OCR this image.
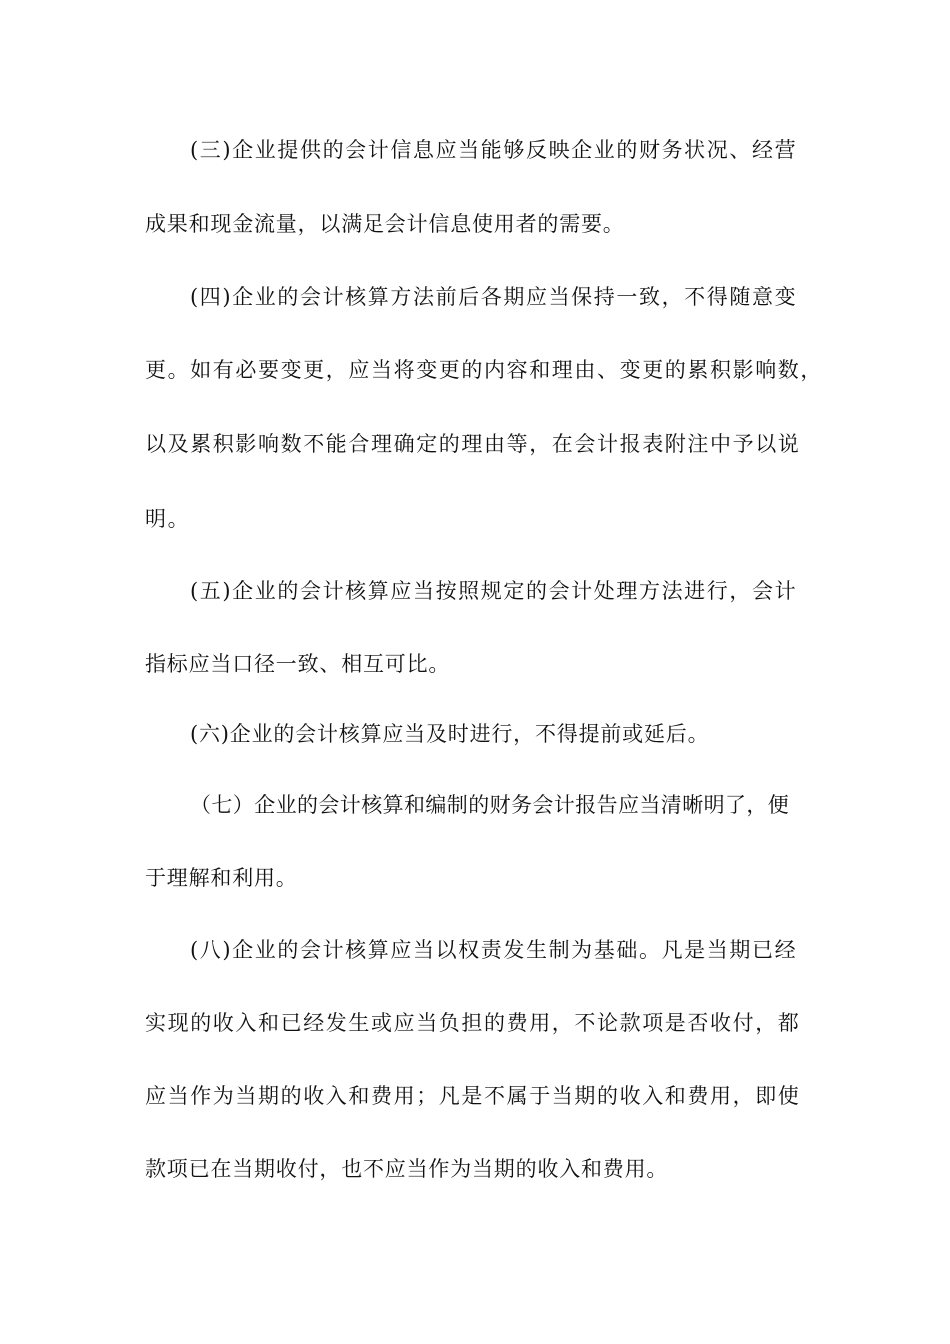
(三)企业提供的会计信息应当能够反映企业的财务状况、经营

成果和现金流量，以满足会计信息使用者的需要。

(四)企业的会计核算方法前后各期应当保持一致，不得随意变

更。如有必要变更，应当将变更的内容和理由、变更的累积影响数，

以及累积影响数不能合理确定的理由等，在会计报表附注中予以说

明。

(五)企业的会计核算应当按照规定的会计处理方法进行，会计

指标应当口径一致、相互可比。

(六)企业的会计核算应当及时进行，不得提前或延后。

（七）企业的会计核算和编制的财务会计报告应当清晰明了，便

于理解和利用。

(八)企业的会计核算应当以权责发生制为基础。凡是当期已经

实现的收入和已经发生或应当负担的费用，不论款项是否收付，都

应当作为当期的收入和费用；凡是不属于当期的收入和费用，即使

款项已在当期收付，也不应当作为当期的收入和费用。
